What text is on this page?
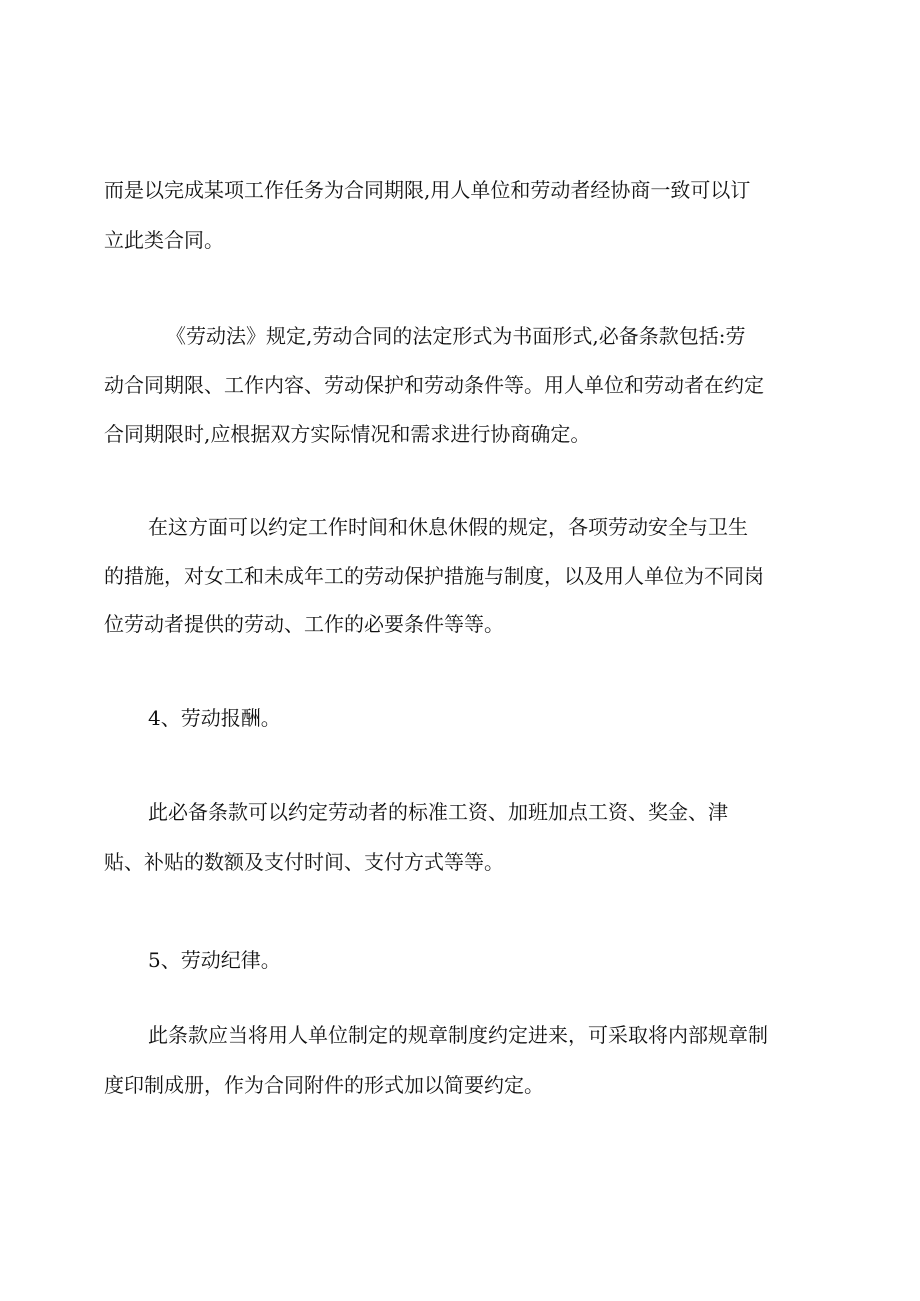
而是以完成某项工作任务为合同期限,用人单位和劳动者经协商一致可以订

立此类合同。

《劳动法》规定,劳动合同的法定形式为书面形式,必备条款包括:劳

动合同期限、工作内容、劳动保护和劳动条件等。用人单位和劳动者在约定

合同期限时,应根据双方实际情况和需求进行协商确定。

在这方面可以约定工作时间和休息休假的规定，各项劳动安全与卫生

的措施，对女工和未成年工的劳动保护措施与制度，以及用人单位为不同岗

位劳动者提供的劳动、工作的必要条件等等。

4、劳动报酬。

此必备条款可以约定劳动者的标准工资、加班加点工资、奖金、津

贴、补贴的数额及支付时间、支付方式等等。

5、劳动纪律。

此条款应当将用人单位制定的规章制度约定进来，可采取将内部规章制

度印制成册，作为合同附件的形式加以简要约定。
